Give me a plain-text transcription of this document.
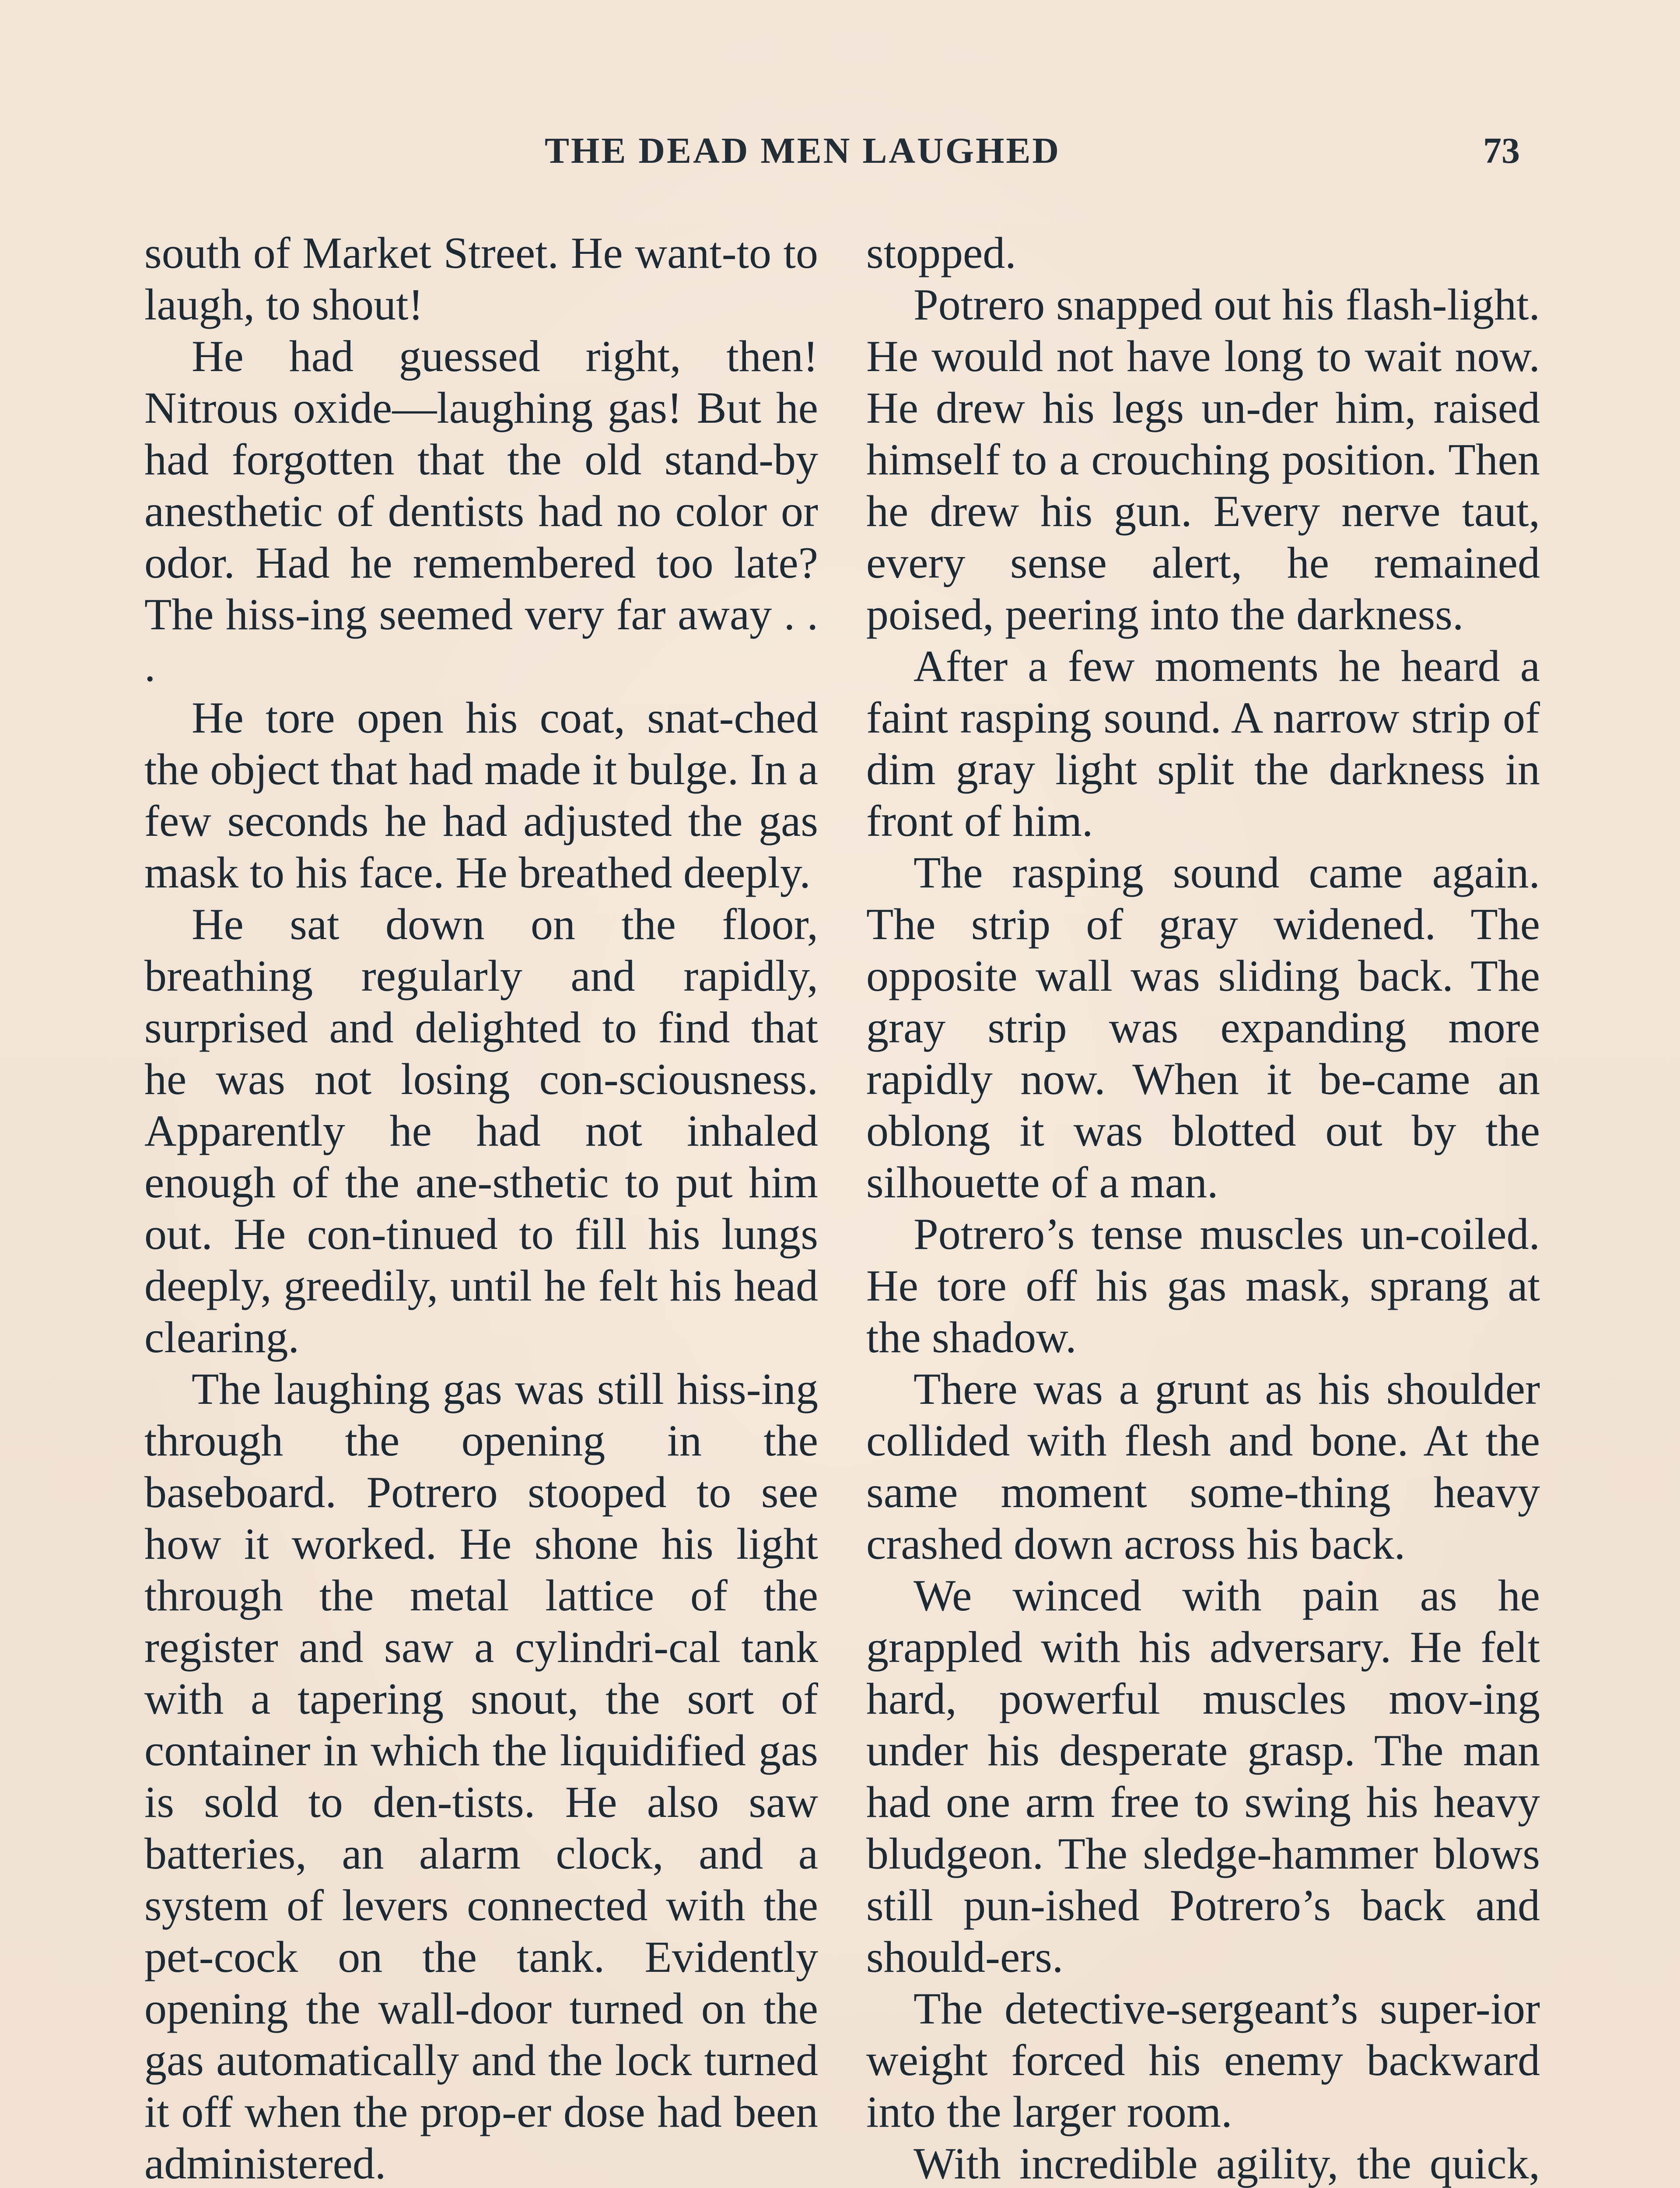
THE DEAD MEN LAUGHED	73

south of Market Street. He want-to to laugh, to shout!

He had guessed right, then! Nitrous oxide—laughing gas! But he had forgotten that the old stand-by anesthetic of dentists had no color or odor. Had he remembered too late? The hiss-ing seemed very far away . . .

He tore open his coat, snat-ched the object that had made it bulge. In a few seconds he had adjusted the gas mask to his face. He breathed deeply.

He sat down on the floor, breathing regularly and rapidly, surprised and delighted to find that he was not losing con-sciousness. Apparently he had not inhaled enough of the ane-sthetic to put him out. He con-tinued to fill his lungs deeply, greedily, until he felt his head clearing.

The laughing gas was still hiss-ing through the opening in the baseboard. Potrero stooped to see how it worked. He shone his light through the metal lattice of the register and saw a cylindri-cal tank with a tapering snout, the sort of container in which the liquidified gas is sold to den-tists. He also saw batteries, an alarm clock, and a system of levers connected with the pet-cock on the tank. Evidently opening the wall-door turned on the gas automatically and the lock turned it off when the prop-er dose had been administered.

stopped.

Potrero snapped out his flash-light. He would not have long to wait now. He drew his legs un-der him, raised himself to a crouching position. Then he drew his gun. Every nerve taut, every sense alert, he remained poised, peering into the darkness.

After a few moments he heard a faint rasping sound. A narrow strip of dim gray light split the darkness in front of him.

The rasping sound came again. The strip of gray widened. The opposite wall was sliding back. The gray strip was expanding more rapidly now. When it be-came an oblong it was blotted out by the silhouette of a man.

Potrero’s tense muscles un-coiled. He tore off his gas mask, sprang at the shadow.

There was a grunt as his shoulder collided with flesh and bone. At the same moment some-thing heavy crashed down across his back.

We winced with pain as he grappled with his adversary. He felt hard, powerful muscles mov-ing under his desperate grasp. The man had one arm free to swing his heavy bludgeon. The sledge-hammer blows still pun-ished Potrero’s back and should-ers.

The detective-sergeant’s super-ior weight forced his enemy backward into the larger room.

With incredible agility, the quick,
